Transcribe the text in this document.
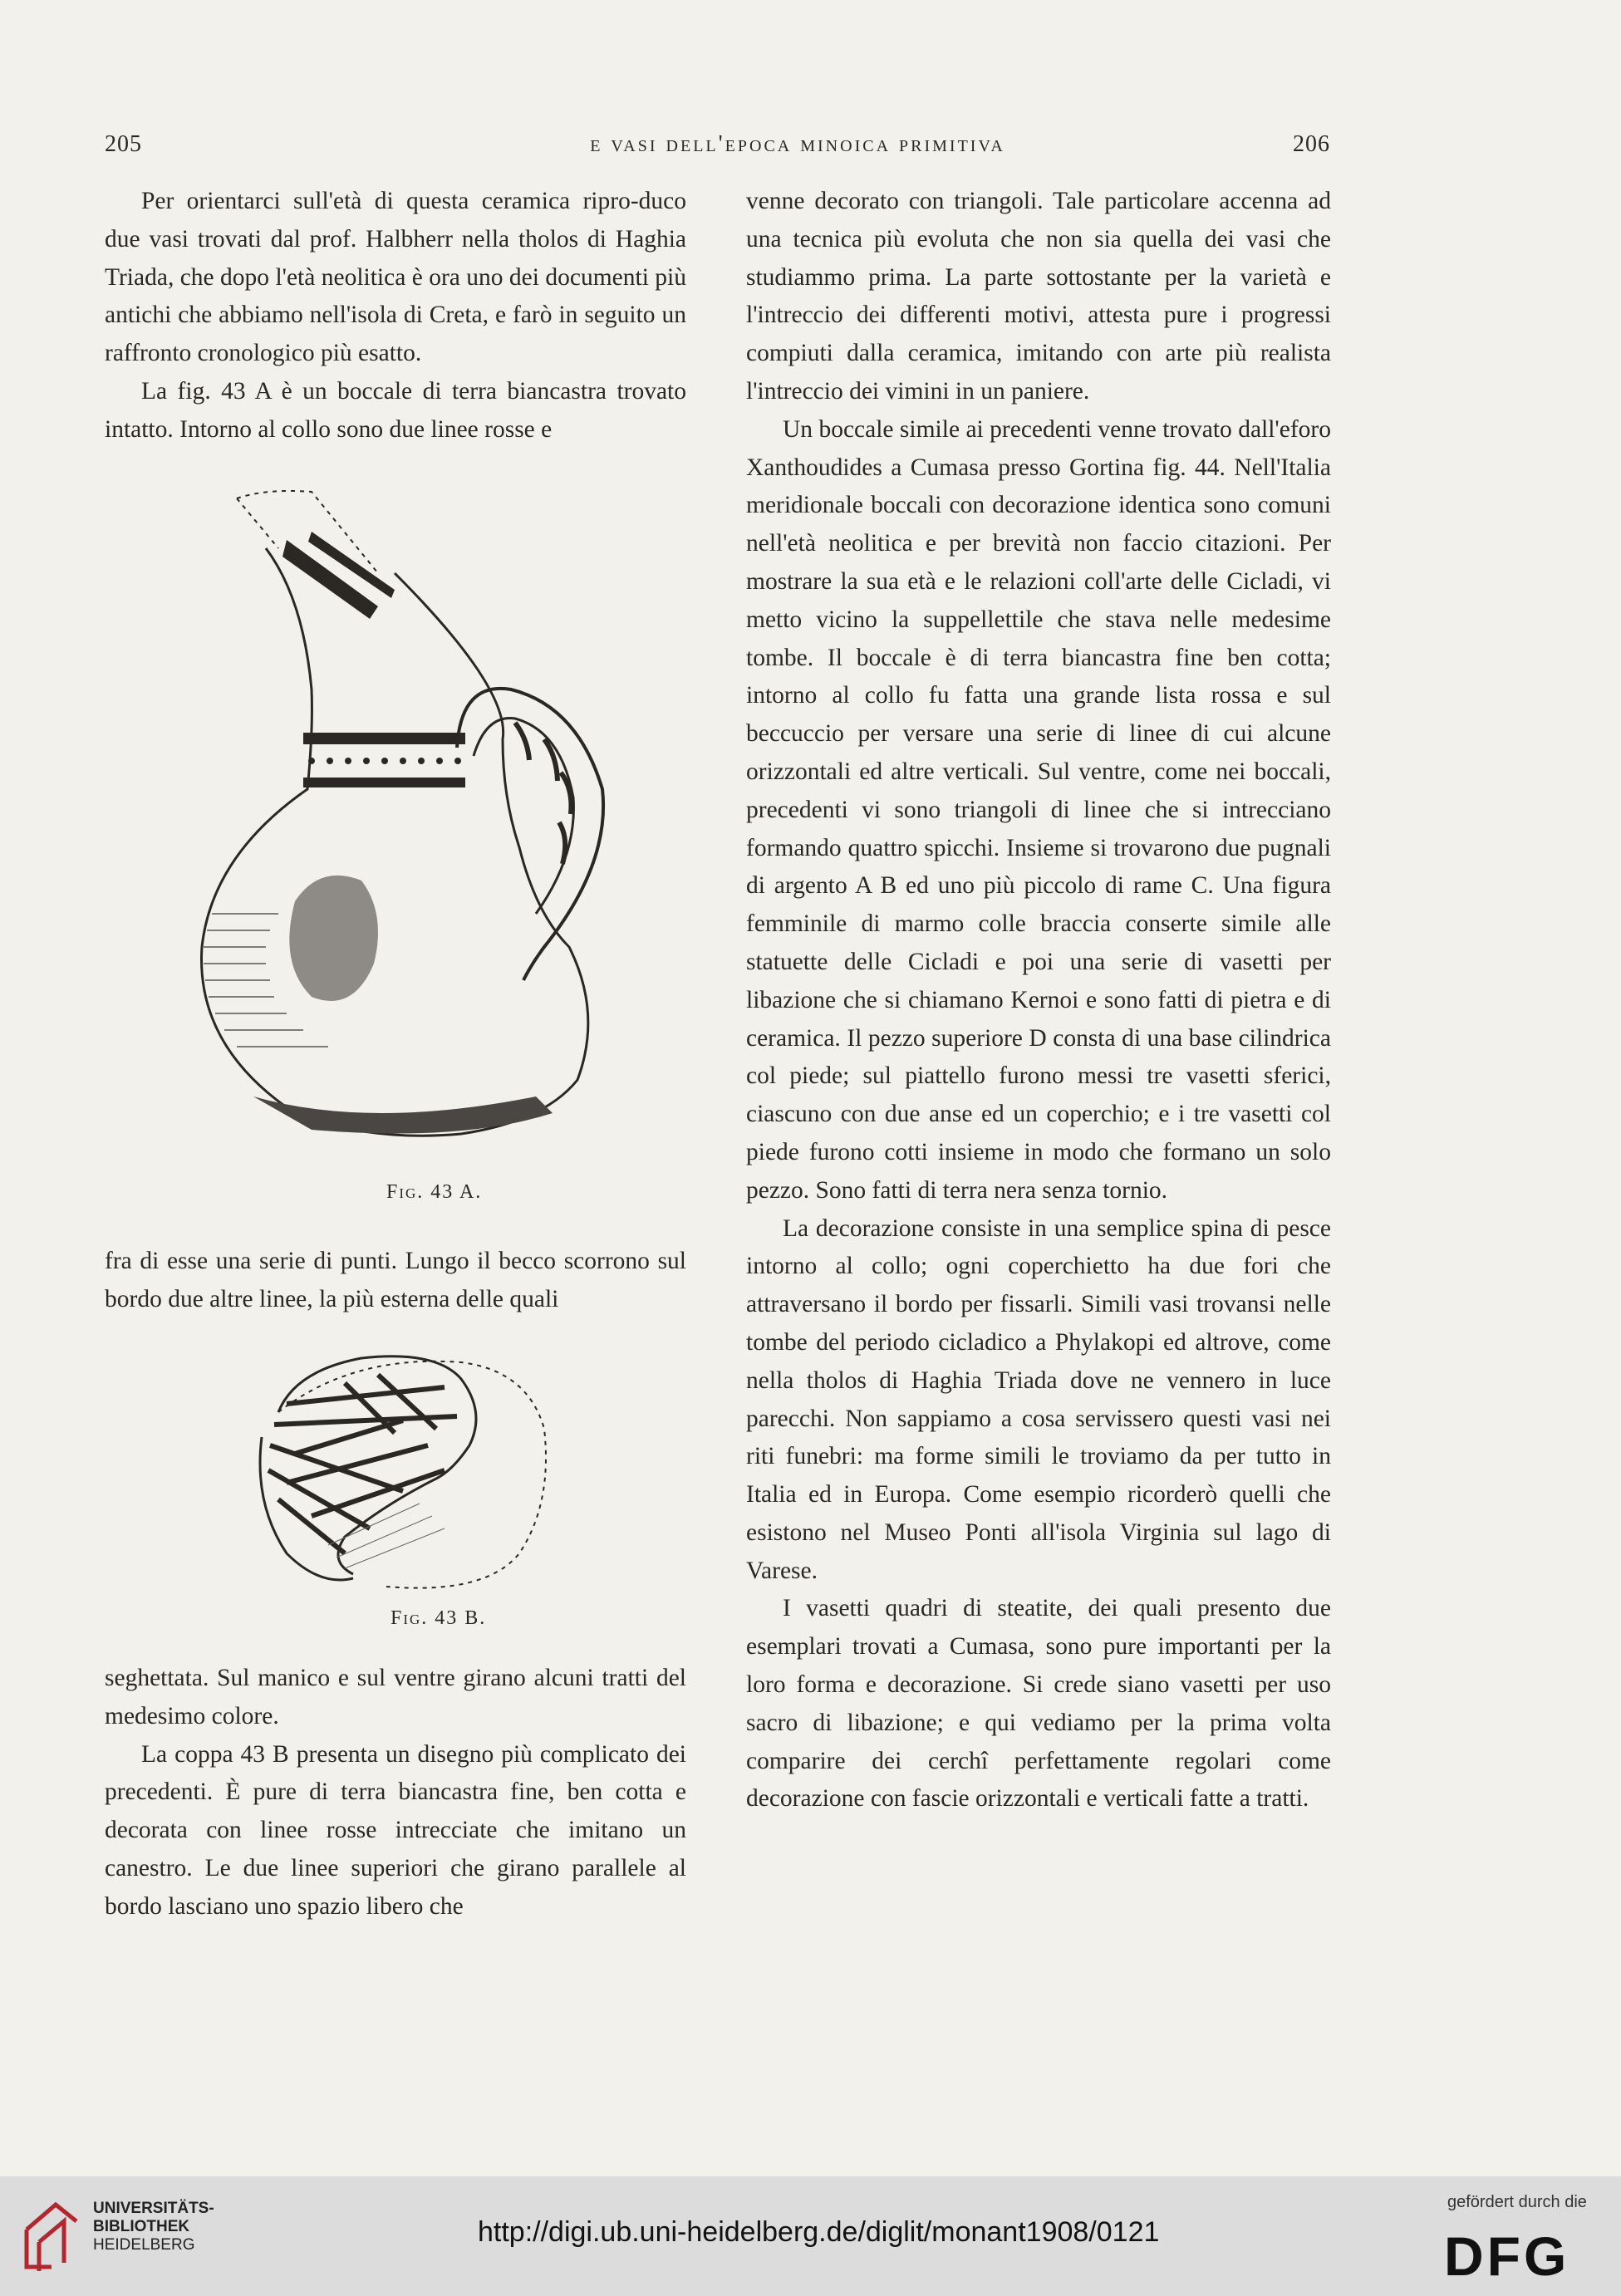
205	e vasi dell'epoca minoica primitiva	206

Per orientarci sull'età di questa ceramica ripro-duco due vasi trovati dal prof. Halbherr nella tholos di Haghia Triada, che dopo l'età neolitica è ora uno dei documenti più antichi che abbiamo nell'isola di Creta, e farò in seguito un raffronto cronologico più esatto.

La fig. 43 A è un boccale di terra biancastra trovato intatto. Intorno al collo sono due linee rosse e

Fig. 43 A.

fra di esse una serie di punti. Lungo il becco scorrono sul bordo due altre linee, la più esterna delle quali

Fig. 43 B.

seghettata. Sul manico e sul ventre girano alcuni tratti del medesimo colore.

La coppa 43 B presenta un disegno più complicato dei precedenti. È pure di terra biancastra fine, ben cotta e decorata con linee rosse intrecciate che imitano un canestro. Le due linee superiori che girano parallele al bordo lasciano uno spazio libero che

venne decorato con triangoli. Tale particolare accenna ad una tecnica più evoluta che non sia quella dei vasi che studiammo prima. La parte sottostante per la varietà e l'intreccio dei differenti motivi, attesta pure i progressi compiuti dalla ceramica, imitando con arte più realista l'intreccio dei vimini in un paniere.

Un boccale simile ai precedenti venne trovato dall'eforo Xanthoudides a Cumasa presso Gortina fig. 44. Nell'Italia meridionale boccali con decorazione identica sono comuni nell'età neolitica e per brevità non faccio citazioni. Per mostrare la sua età e le relazioni coll'arte delle Cicladi, vi metto vicino la suppellettile che stava nelle medesime tombe. Il boccale è di terra biancastra fine ben cotta; intorno al collo fu fatta una grande lista rossa e sul beccuccio per versare una serie di linee di cui alcune orizzontali ed altre verticali. Sul ventre, come nei boccali, precedenti vi sono triangoli di linee che si intrecciano formando quattro spicchi. Insieme si trovarono due pugnali di argento A B ed uno più piccolo di rame C. Una figura femminile di marmo colle braccia conserte simile alle statuette delle Cicladi e poi una serie di vasetti per libazione che si chiamano Kernoi e sono fatti di pietra e di ceramica. Il pezzo superiore D consta di una base cilindrica col piede; sul piattello furono messi tre vasetti sferici, ciascuno con due anse ed un coperchio; e i tre vasetti col piede furono cotti insieme in modo che formano un solo pezzo. Sono fatti di terra nera senza tornio.

La decorazione consiste in una semplice spina di pesce intorno al collo; ogni coperchietto ha due fori che attraversano il bordo per fissarli. Simili vasi trovansi nelle tombe del periodo cicladico a Phylakopi ed altrove, come nella tholos di Haghia Triada dove ne vennero in luce parecchi. Non sappiamo a cosa servissero questi vasi nei riti funebri: ma forme simili le troviamo da per tutto in Italia ed in Europa. Come esempio ricorderò quelli che esistono nel Museo Ponti all'isola Virginia sul lago di Varese.

I vasetti quadri di steatite, dei quali presento due esemplari trovati a Cumasa, sono pure importanti per la loro forma e decorazione. Si crede siano vasetti per uso sacro di libazione; e qui vediamo per la prima volta comparire dei cerchî perfettamente regolari come decorazione con fascie orizzontali e verticali fatte a tratti.

UNIVERSITÄTS-
BIBLIOTHEK
HEIDELBERG	http://digi.ub.uni-heidelberg.de/diglit/monant1908/0121
gefördert durch die
DFG
